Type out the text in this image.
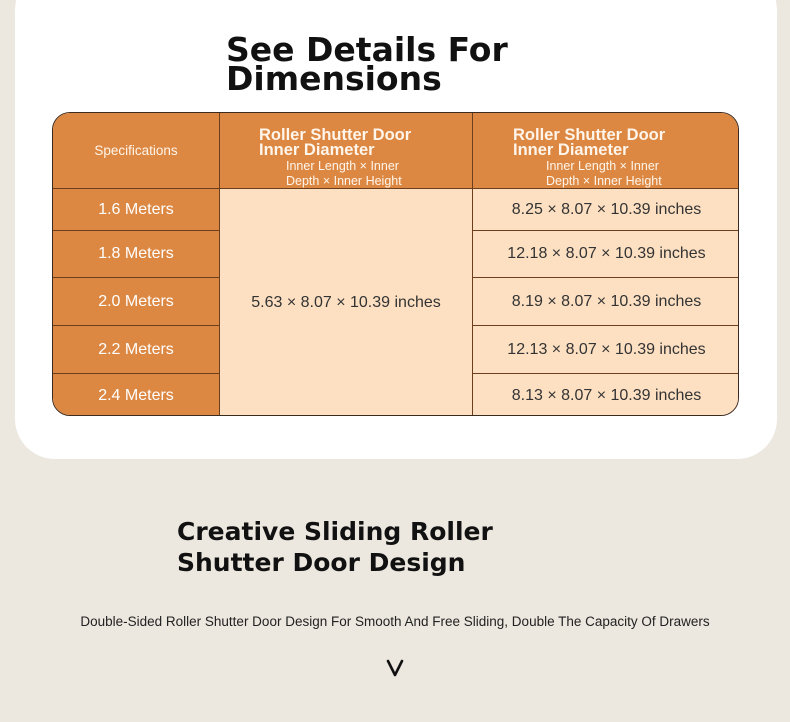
See Details For Dimensions
Specifications
Roller Shutter Door Inner Diameter
Inner Length × Inner Depth × Inner Height
Roller Shutter Door Inner Diameter
Inner Length × Inner Depth × Inner Height
1.6 Meters
1.8 Meters
2.0 Meters
2.2 Meters
2.4 Meters
5.63 × 8.07 × 10.39 inches
8.25 × 8.07 × 10.39 inches
12.18 × 8.07 × 10.39 inches
8.19 × 8.07 × 10.39 inches
12.13 × 8.07 × 10.39 inches
8.13 × 8.07 × 10.39 inches
Creative Sliding Roller Shutter Door Design
Double-Sided Roller Shutter Door Design For Smooth And Free Sliding, Double The Capacity Of Drawers
